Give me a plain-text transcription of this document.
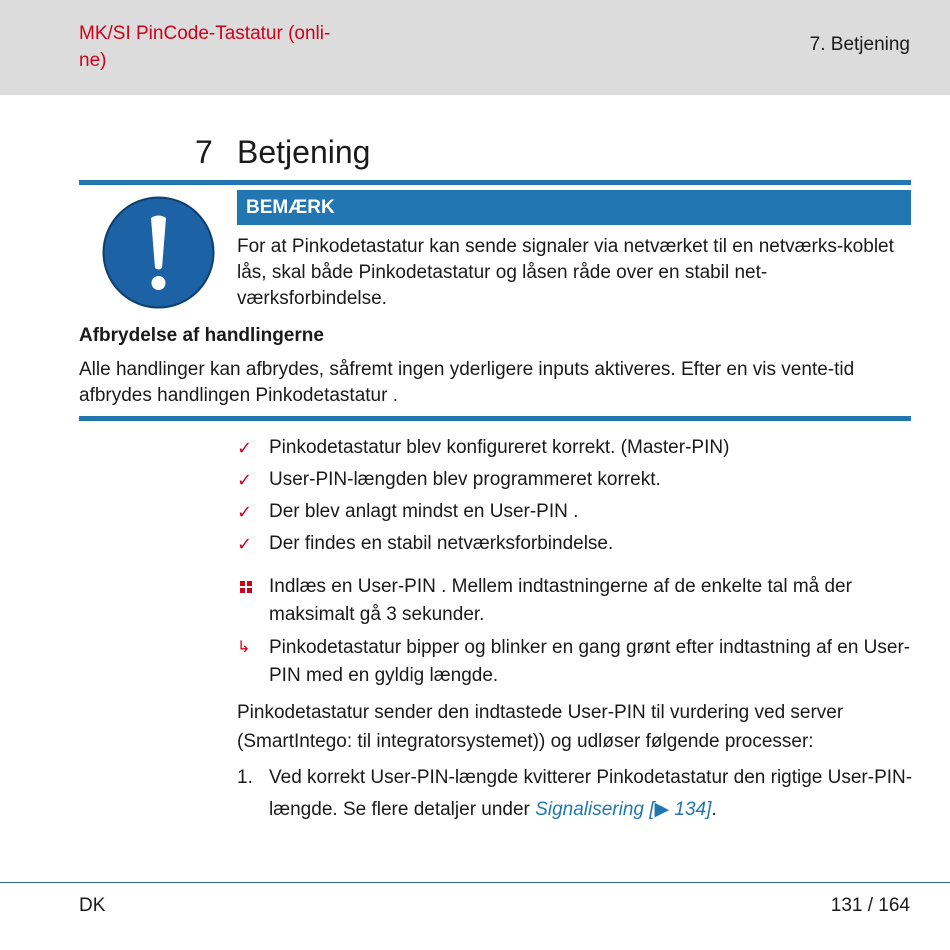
MK/SI PinCode-Tastatur (onli-
ne)
7. Betjening
7 Betjening
BEMÆRK
For at Pinkodetastatur kan sende signaler via netværket til en netværks-koblet lås, skal både Pinkodetastatur og låsen råde over en stabil net-værksforbindelse.
Afbrydelse af handlingerne
Alle handlinger kan afbrydes, såfremt ingen yderligere inputs aktiveres. Efter en vis vente-tid afbrydes handlingen Pinkodetastatur .
✓ Pinkodetastatur blev konfigureret korrekt. (Master-PIN)
✓ User-PIN-længden blev programmeret korrekt.
✓ Der blev anlagt mindst en User-PIN .
✓ Der findes en stabil netværksforbindelse.
Indlæs en User-PIN . Mellem indtastningerne af de enkelte tal må der maksimalt gå 3 sekunder.
↳ Pinkodetastatur bipper og blinker en gang grønt efter indtastning af en User-PIN med en gyldig længde.
Pinkodetastatur sender den indtastede User-PIN til vurdering ved server (SmartIntego: til integratorsystemet)) og udløser følgende processer:
1. Ved korrekt User-PIN-længde kvitterer Pinkodetastatur den rigtige User-PIN-længde. Se flere detaljer under Signalisering [▶ 134].
DK	131 / 164
